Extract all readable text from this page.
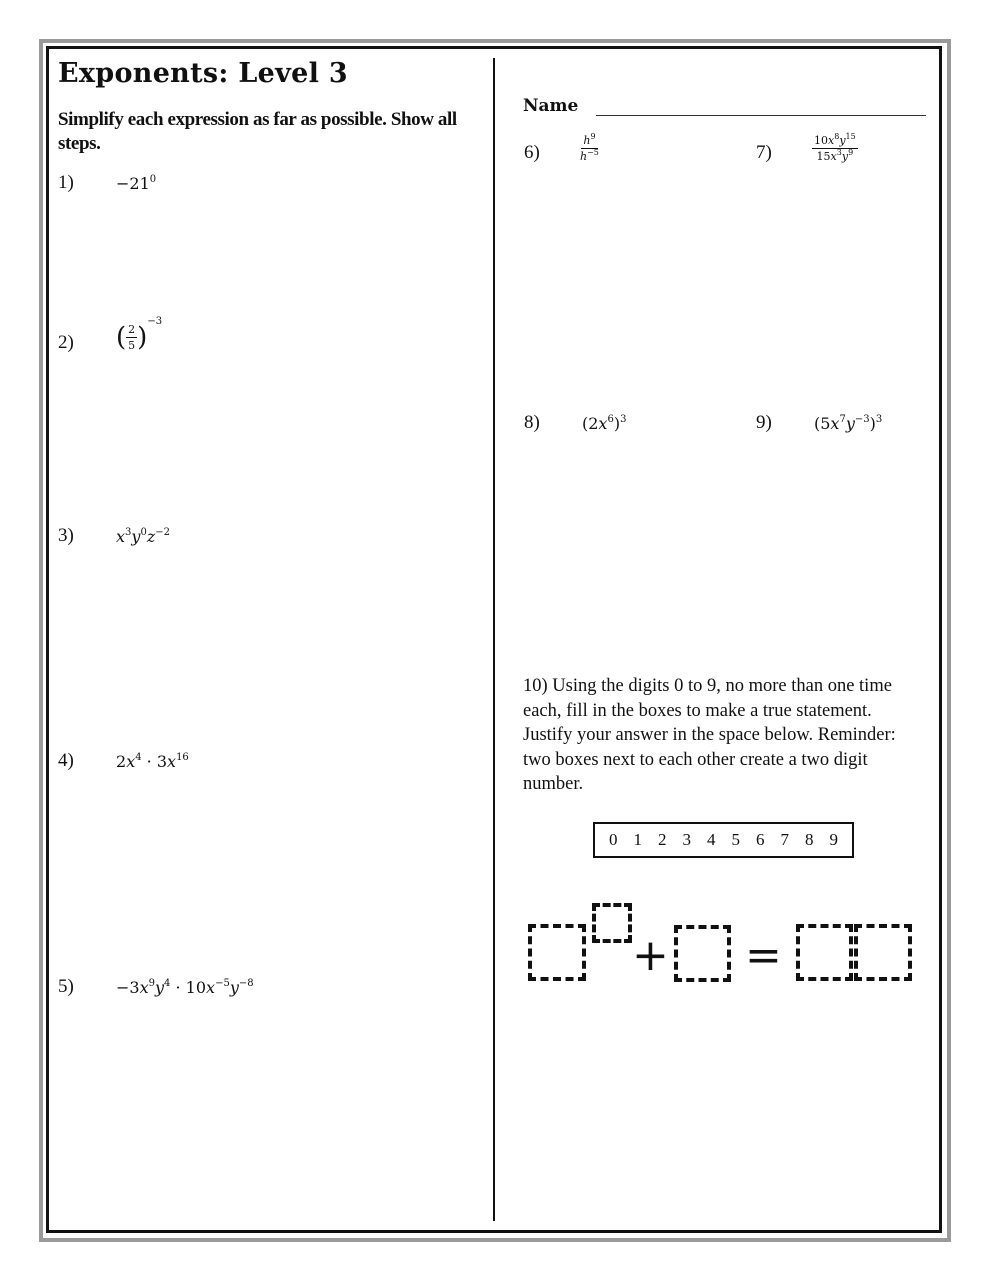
Exponents: Level 3
Simplify each expression as far as possible. Show all steps.
1)	$-21^0$
2) ( $\frac{2}{5} )^{-3}$
3)	$x^3y^0z^{-2}$
4)	$2x^4 \cdot 3x^{16}$
5)	$-3x^9y^4 \cdot 10x^{-5}y^{-8}$
Name
6)	$\frac{h^9}{h^{-5}}$	7)	$\frac{10x^8y^{15}}{15x^3y^9}$
8)	$(2x^6)^3$	9)	$(5x^7y^{-3})^3$
10) Using the digits 0 to 9, no more than one time each, fill in the boxes to make a true statement. Justify your answer in the space below. Reminder: two boxes next to each other create a two digit number.
0 1 2 3 4 5 6 7 8 9
+ =
